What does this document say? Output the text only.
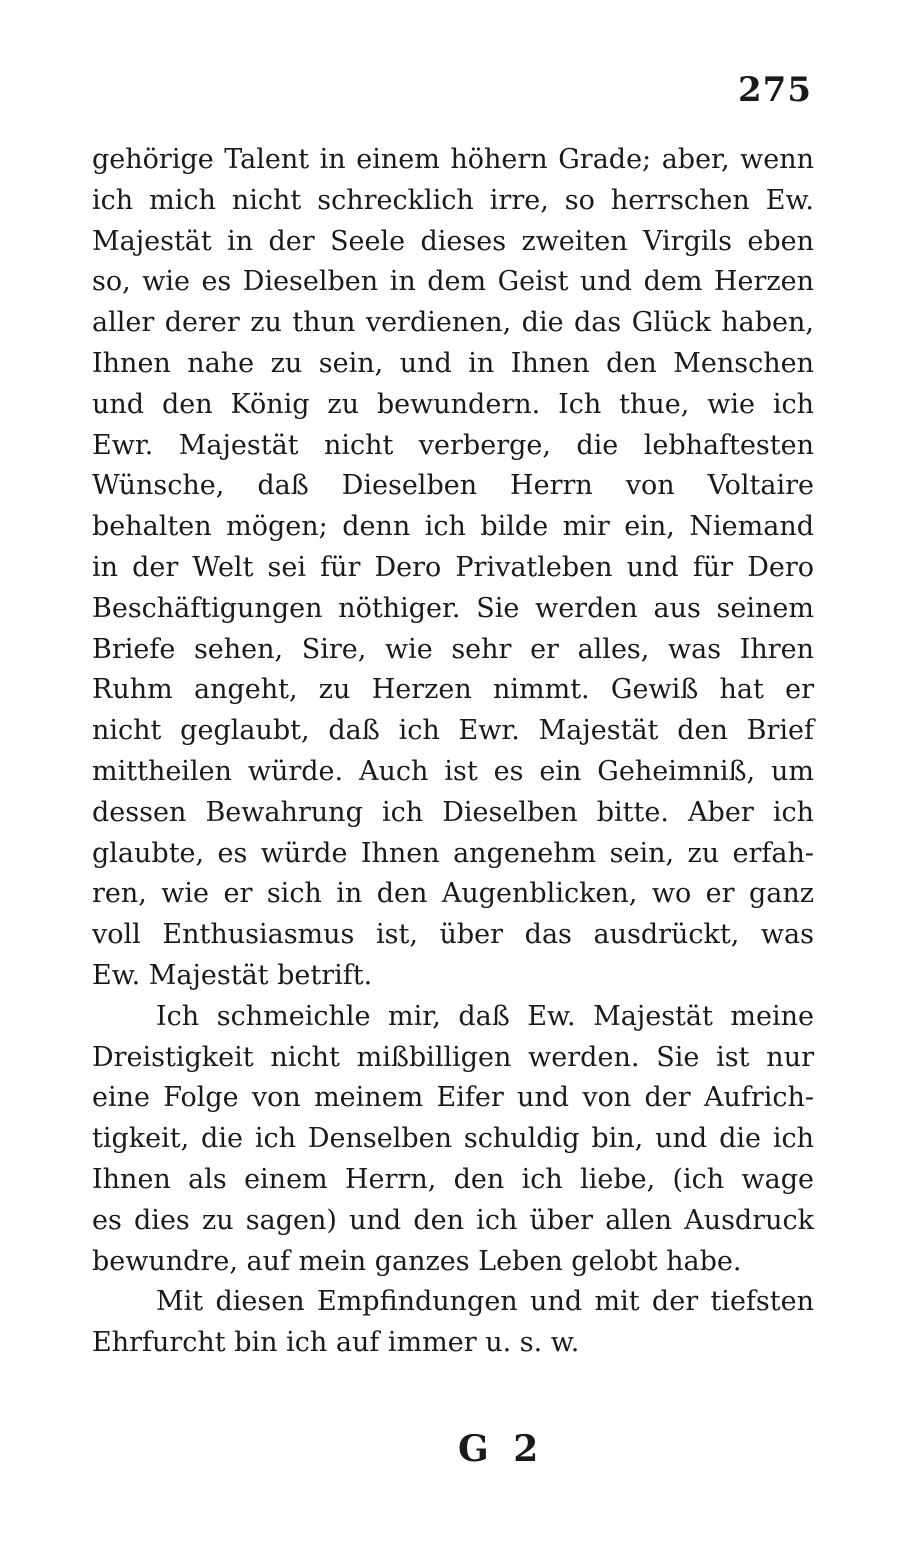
275

gehörige Talent in einem höhern Grade; aber, wenn
ich mich nicht schrecklich irre, so herrschen Ew.
Majestät in der Seele dieses zweiten Virgils eben
so, wie es Dieselben in dem Geist und dem Herzen
aller derer zu thun verdienen, die das Glück haben,
Ihnen nahe zu sein, und in Ihnen den Menschen
und den König zu bewundern. Ich thue, wie ich
Ewr. Majestät nicht verberge, die lebhaftesten
Wünsche, daß Dieselben Herrn von Voltaire
behalten mögen; denn ich bilde mir ein, Niemand
in der Welt sei für Dero Privatleben und für Dero
Beschäftigungen nöthiger. Sie werden aus seinem
Briefe sehen, Sire, wie sehr er alles, was Ihren
Ruhm angeht, zu Herzen nimmt. Gewiß hat er
nicht geglaubt, daß ich Ewr. Majestät den Brief
mittheilen würde. Auch ist es ein Geheimniß, um
dessen Bewahrung ich Dieselben bitte. Aber ich
glaubte, es würde Ihnen angenehm sein, zu erfah-
ren, wie er sich in den Augenblicken, wo er ganz
voll Enthusiasmus ist, über das ausdrückt, was
Ew. Majestät betrift.

Ich schmeichle mir, daß Ew. Majestät meine
Dreistigkeit nicht mißbilligen werden. Sie ist nur
eine Folge von meinem Eifer und von der Aufrich-
tigkeit, die ich Denselben schuldig bin, und die ich
Ihnen als einem Herrn, den ich liebe, (ich wage
es dies zu sagen) und den ich über allen Ausdruck
bewundre, auf mein ganzes Leben gelobt habe.

Mit diesen Empfindungen und mit der tiefsten
Ehrfurcht bin ich auf immer u. s. w.

G 2
